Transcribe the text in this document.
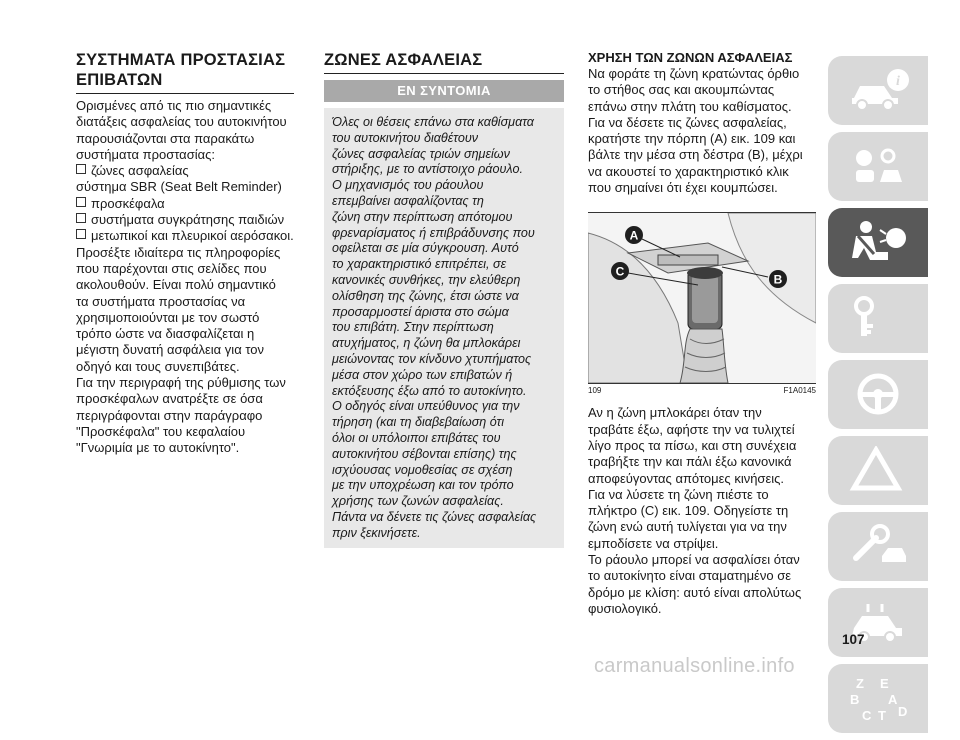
ΣΥΣΤΗΜΑΤΑ ΠΡΟΣΤΑΣΙΑΣ
ΕΠΙΒΑΤΩΝ
Ορισμένες από τις πιο σημαντικές
διατάξεις ασφαλείας του αυτοκινήτου
παρουσιάζονται στα παρακάτω
συστήματα προστασίας:
ζώνες ασφαλείας
σύστημα SBR (Seat Belt Reminder)
προσκέφαλα
συστήματα συγκράτησης παιδιών
μετωπικοί και πλευρικοί αερόσακοι.
Προσέξτε ιδιαίτερα τις πληροφορίες
που παρέχονται στις σελίδες που
ακολουθούν. Είναι πολύ σημαντικό
τα συστήματα προστασίας να
χρησιμοποιούνται με τον σωστό
τρόπο ώστε να διασφαλίζεται η
μέγιστη δυνατή ασφάλεια για τον
οδηγό και τους συνεπιβάτες.
Για την περιγραφή της ρύθμισης των
προσκέφαλων ανατρέξτε σε όσα
περιγράφονται στην παράγραφο
"Προσκέφαλα" του κεφαλαίου
"Γνωριμία με το αυτοκίνητο".
ΖΩΝΕΣ ΑΣΦΑΛΕΙΑΣ
ΕΝ ΣΥΝΤΟΜΙΑ
Όλες οι θέσεις επάνω στα καθίσματα
του αυτοκινήτου διαθέτουν
ζώνες ασφαλείας τριών σημείων
στήριξης, με το αντίστοιχο ράουλο.
Ο μηχανισμός του ράουλου
επεμβαίνει ασφαλίζοντας τη
ζώνη στην περίπτωση απότομου
φρεναρίσματος ή επιβράδυνσης που
οφείλεται σε μία σύγκρουση. Αυτό
το χαρακτηριστικό επιτρέπει, σε
κανονικές συνθήκες, την ελεύθερη
ολίσθηση της ζώνης, έτσι ώστε να
προσαρμοστεί άριστα στο σώμα
του επιβάτη. Στην περίπτωση
ατυχήματος, η ζώνη θα μπλοκάρει
μειώνοντας τον κίνδυνο χτυπήματος
μέσα στον χώρο των επιβατών ή
εκτόξευσης έξω από το αυτοκίνητο.
Ο οδηγός είναι υπεύθυνος για την
τήρηση (και τη διαβεβαίωση ότι
όλοι οι υπόλοιποι επιβάτες του
αυτοκινήτου σέβονται επίσης) της
ισχύουσας νομοθεσίας σε σχέση
με την υποχρέωση και τον τρόπο
χρήσης των ζωνών ασφαλείας.
Πάντα να δένετε τις ζώνες ασφαλείας
πριν ξεκινήσετε.
ΧΡΗΣΗ ΤΩΝ ΖΩΝΩΝ ΑΣΦΑΛΕΙΑΣ
Να φοράτε τη ζώνη κρατώντας όρθιο
το στήθος σας και ακουμπώντας
επάνω στην πλάτη του καθίσματος.
Για να δέσετε τις ζώνες ασφαλείας,
κρατήστε την πόρπη (A) εικ. 109 και
βάλτε την μέσα στη δέστρα (B), μέχρι
να ακουστεί το χαρακτηριστικό κλικ
που σημαίνει ότι έχει κουμπώσει.
A
C
B
109	F1A0145
Αν η ζώνη μπλοκάρει όταν την
τραβάτε έξω, αφήστε την να τυλιχτεί
λίγο προς τα πίσω, και στη συνέχεια
τραβήξτε την και πάλι έξω κανονικά
αποφεύγοντας απότομες κινήσεις.
Για να λύσετε τη ζώνη πιέστε το
πλήκτρο (C) εικ. 109. Οδηγείστε τη
ζώνη ενώ αυτή τυλίγεται για να την
εμποδίσετε να στρίψει.
Το ράουλο μπορεί να ασφαλίσει όταν
το αυτοκίνητο είναι σταματημένο σε
δρόμο με κλίση: αυτό είναι απολύτως
φυσιολογικό.
i
Z E
B A
D
C T
107
carmanualsonline.info
